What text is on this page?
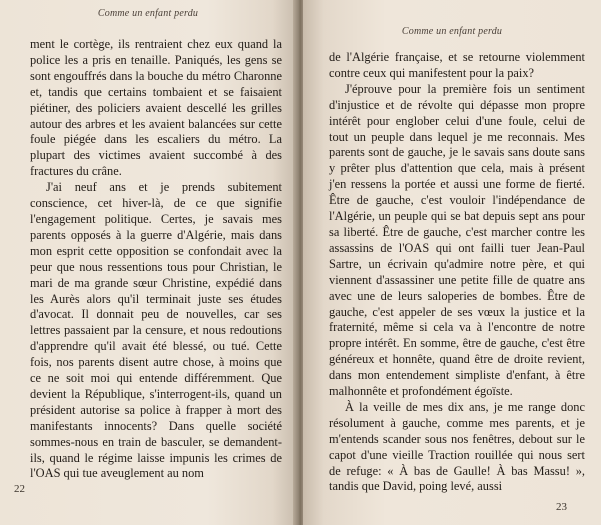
Comme un enfant perdu

ment le cortège, ils rentraient chez eux quand la police les a pris en tenaille. Paniqués, les gens se sont engouffrés dans la bouche du métro Charonne et, tandis que certains tombaient et se faisaient piétiner, des policiers avaient descellé les grilles autour des arbres et les avaient balancées sur cette foule piégée dans les escaliers du métro. La plupart des victimes avaient succombé à des fractures du crâne.

J'ai neuf ans et je prends subitement conscience, cet hiver-là, de ce que signifie l'engagement politique. Certes, je savais mes parents opposés à la guerre d'Algérie, mais dans mon esprit cette opposition se confondait avec la peur que nous ressentions tous pour Christian, le mari de ma grande sœur Christine, expédié dans les Aurès alors qu'il terminait juste ses études d'avocat. Il donnait peu de nouvelles, car ses lettres passaient par la censure, et nous redoutions d'apprendre qu'il avait été blessé, ou tué. Cette fois, nos parents disent autre chose, à moins que ce ne soit moi qui entende différemment. Que devient la République, s'interrogent-ils, quand un président autorise sa police à frapper à mort des manifestants innocents? Dans quelle société sommes-nous en train de basculer, se demandent-ils, quand le régime laisse impunis les crimes de l'OAS qui tue aveuglement au nom

22
Comme un enfant perdu

de l'Algérie française, et se retourne violemment contre ceux qui manifestent pour la paix?

J'éprouve pour la première fois un sentiment d'injustice et de révolte qui dépasse mon propre intérêt pour englober celui d'une foule, celui de tout un peuple dans lequel je me reconnais. Mes parents sont de gauche, je le savais sans doute sans y prêter plus d'attention que cela, mais à présent j'en ressens la portée et aussi une forme de fierté. Être de gauche, c'est vouloir l'indépendance de l'Algérie, un peuple qui se bat depuis sept ans pour sa liberté. Être de gauche, c'est marcher contre les assassins de l'OAS qui ont failli tuer Jean-Paul Sartre, un écrivain qu'admire notre père, et qui viennent d'assassiner une petite fille de quatre ans avec une de leurs saloperies de bombes. Être de gauche, c'est appeler de ses vœux la justice et la fraternité, même si cela va à l'encontre de notre propre intérêt. En somme, être de gauche, c'est être généreux et honnête, quand être de droite revient, dans mon entendement simpliste d'enfant, à être malhonnête et profondément égoïste.

À la veille de mes dix ans, je me range donc résolument à gauche, comme mes parents, et je m'entends scander sous nos fenêtres, debout sur le capot d'une vieille Traction rouillée qui nous sert de refuge: « À bas de Gaulle! À bas Massu! », tandis que David, poing levé, aussi

23
